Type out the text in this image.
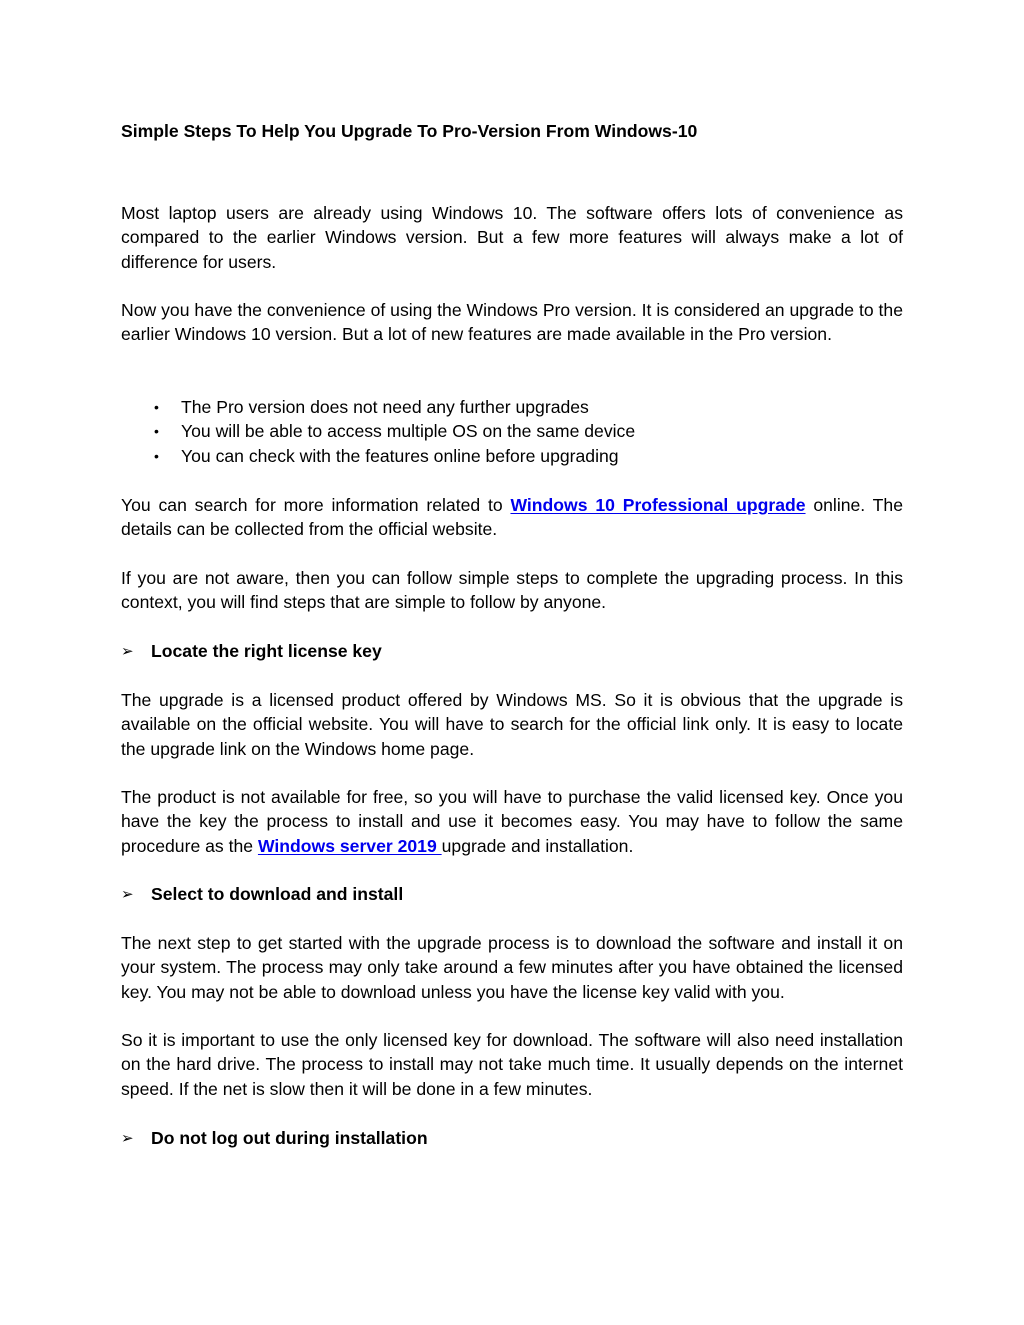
Simple Steps To Help You Upgrade To Pro-Version From Windows-10

Most laptop users are already using Windows 10. The software offers lots of convenience as compared to the earlier Windows version. But a few more features will always make a lot of difference for users.

Now you have the convenience of using the Windows Pro version. It is considered an upgrade to the earlier Windows 10 version. But a lot of new features are made available in the Pro version.

• The Pro version does not need any further upgrades
• You will be able to access multiple OS on the same device
• You can check with the features online before upgrading

You can search for more information related to Windows 10 Professional upgrade online. The details can be collected from the official website.

If you are not aware, then you can follow simple steps to complete the upgrading process. In this context, you will find steps that are simple to follow by anyone.

➢ Locate the right license key

The upgrade is a licensed product offered by Windows MS. So it is obvious that the upgrade is available on the official website. You will have to search for the official link only. It is easy to locate the upgrade link on the Windows home page.

The product is not available for free, so you will have to purchase the valid licensed key. Once you have the key the process to install and use it becomes easy. You may have to follow the same procedure as the Windows server 2019 upgrade and installation.

➢ Select to download and install

The next step to get started with the upgrade process is to download the software and install it on your system. The process may only take around a few minutes after you have obtained the licensed key. You may not be able to download unless you have the license key valid with you.

So it is important to use the only licensed key for download. The software will also need installation on the hard drive. The process to install may not take much time. It usually depends on the internet speed. If the net is slow then it will be done in a few minutes.

➢ Do not log out during installation
